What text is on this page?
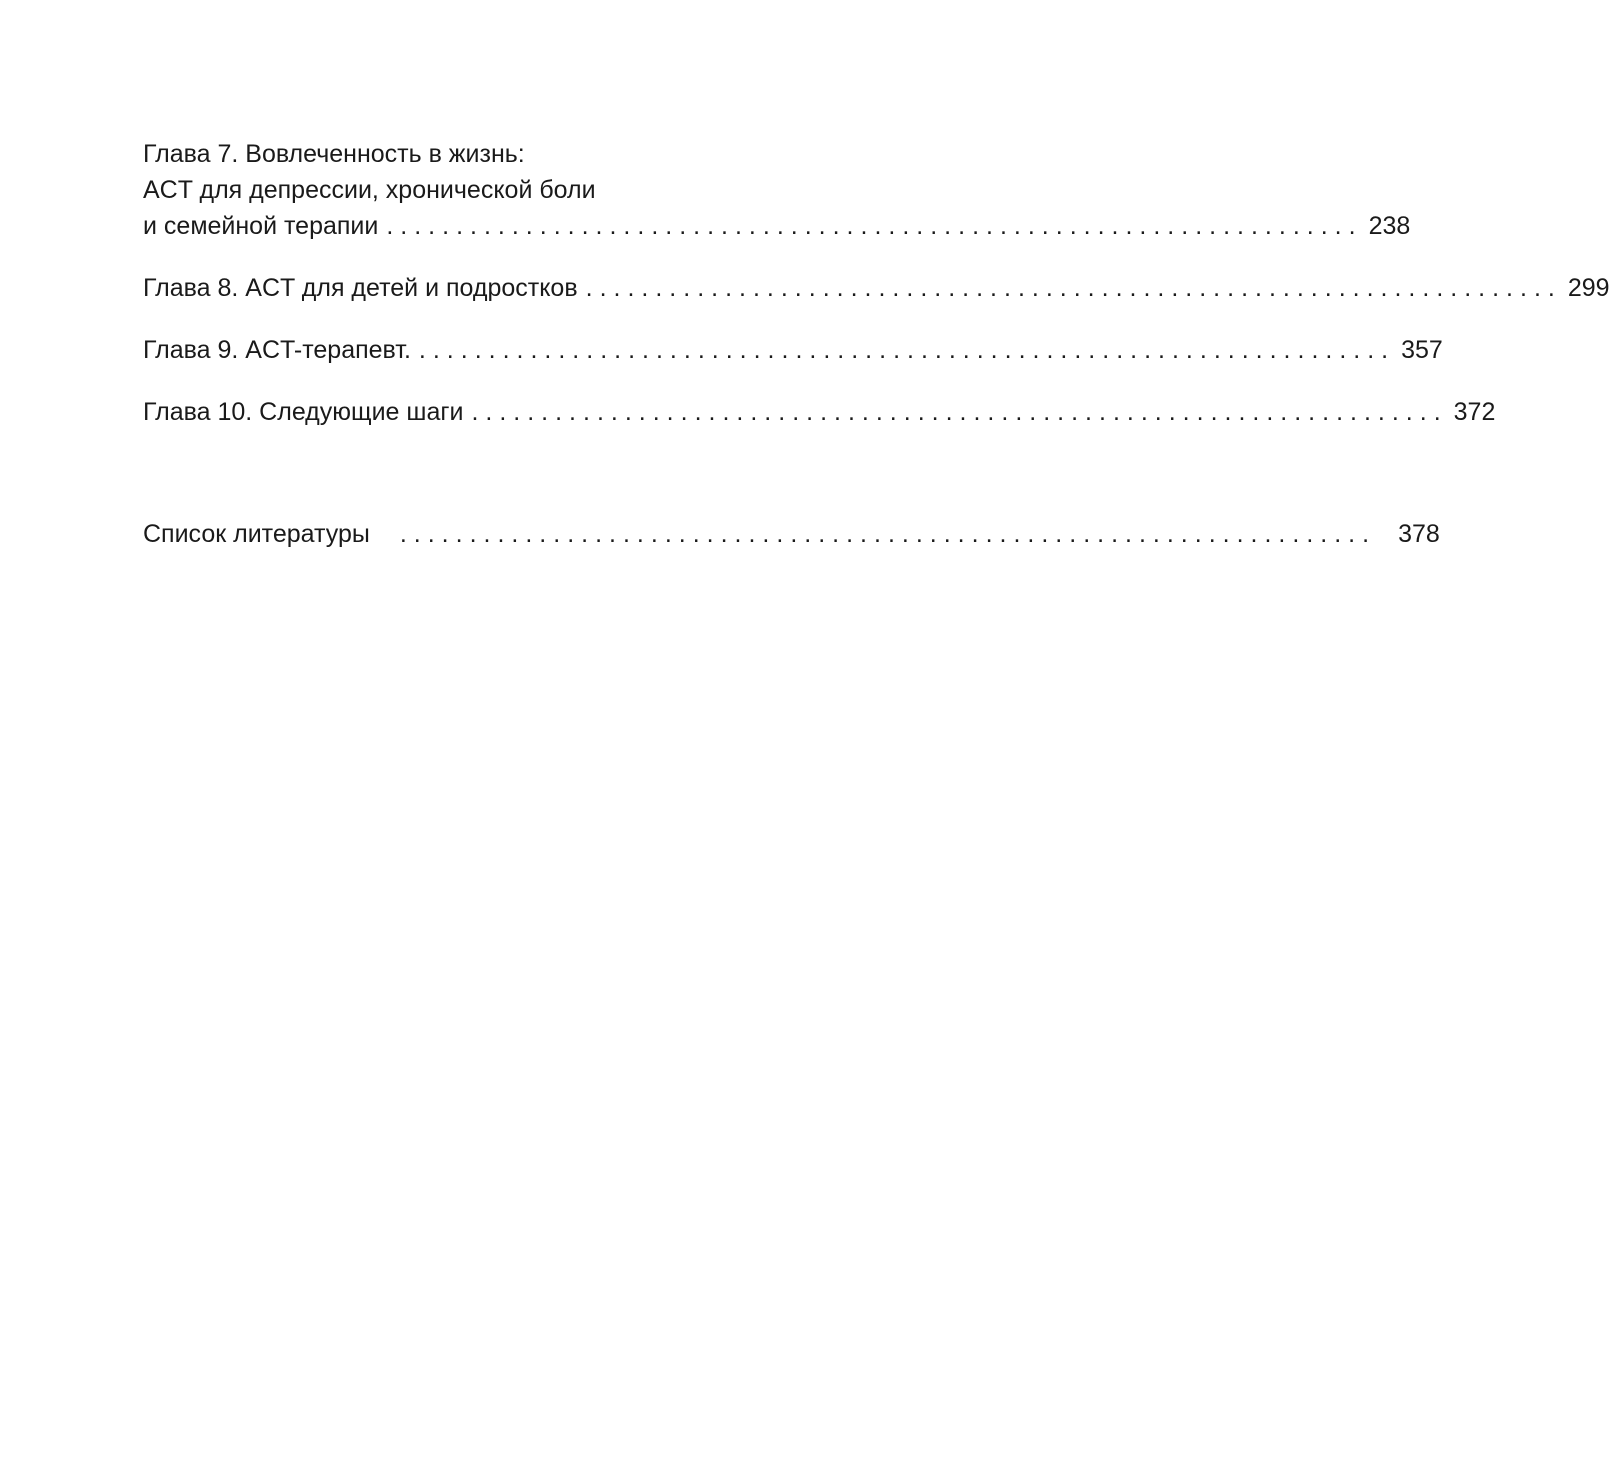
Глава 7. Вовлеченность в жизнь:
ACT для депрессии, хронической боли
и семейной терапии ...................................................................... 238
Глава 8. ACT для детей и подростков ...................................................................... 299
Глава 9. ACT-терапевт. ...................................................................... 357
Глава 10. Следующие шаги ...................................................................... 372
Список литературы ...................................................................... 378
